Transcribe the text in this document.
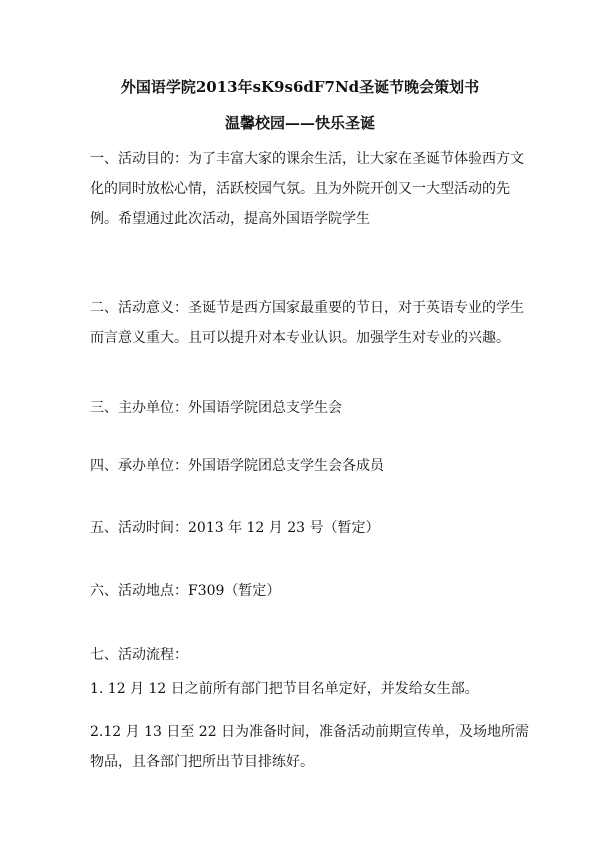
外国语学院2013年sK9s6dF7Nd圣诞节晚会策划书
温馨校园——快乐圣诞

一、活动目的：为了丰富大家的课余生活，让大家在圣诞节体验西方文化的同时放松心情，活跃校园气氛。且为外院开创又一大型活动的先例。希望通过此次活动，提高外国语学院学生

二、活动意义：圣诞节是西方国家最重要的节日，对于英语专业的学生而言意义重大。且可以提升对本专业认识。加强学生对专业的兴趣。

三、主办单位：外国语学院团总支学生会

四、承办单位：外国语学院团总支学生会各成员

五、活动时间：2013 年 12 月 23 号（暂定）

六、活动地点：F309（暂定）

七、活动流程：

1. 12 月 12 日之前所有部门把节目名单定好，并发给女生部。

2.12 月 13 日至 22 日为准备时间，准备活动前期宣传单，及场地所需物品，且各部门把所出节目排练好。
